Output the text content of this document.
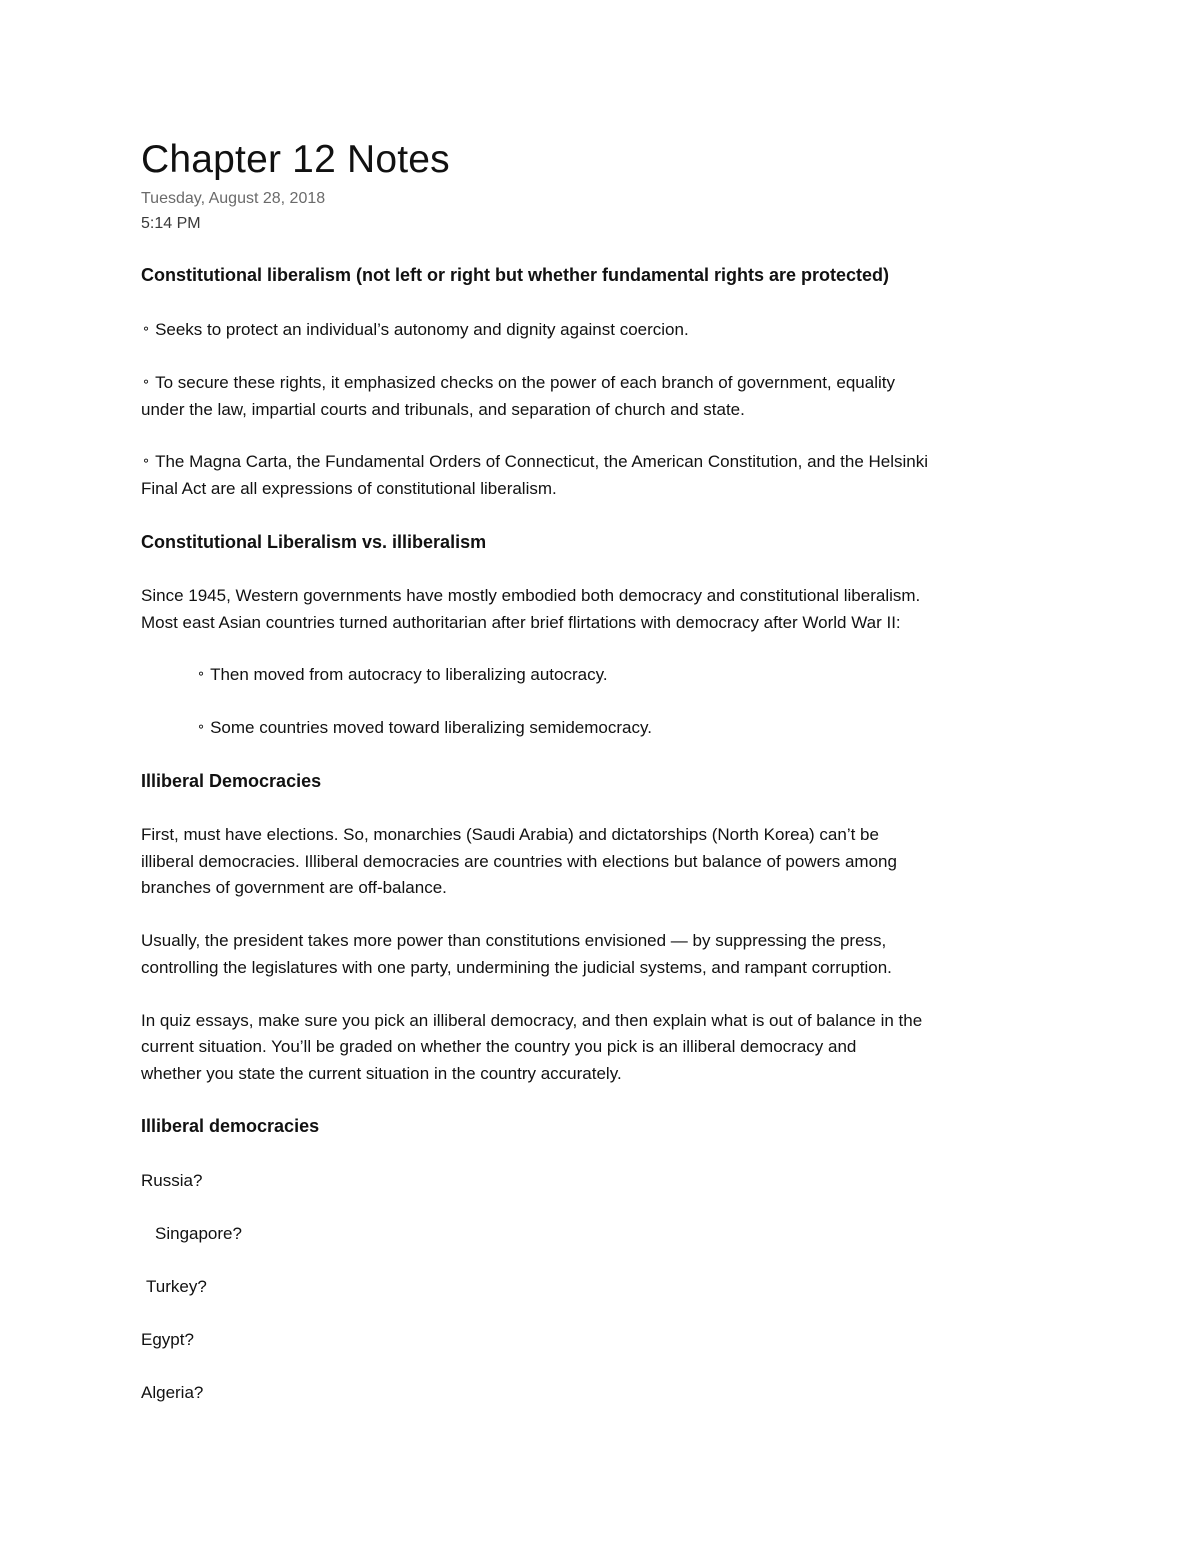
Chapter 12 Notes
Tuesday, August 28, 2018
5:14 PM
Constitutional liberalism (not left or right but whether fundamental rights are protected)
⚬ Seeks to protect an individual’s autonomy and dignity against coercion.
⚬ To secure these rights, it emphasized checks on the power of each branch of government, equality
under the law, impartial courts and tribunals, and separation of church and state.
⚬ The Magna Carta, the Fundamental Orders of Connecticut, the American Constitution, and the Helsinki
Final Act are all expressions of constitutional liberalism.
Constitutional Liberalism vs. illiberalism
Since 1945, Western governments have mostly embodied both democracy and constitutional liberalism.
Most east Asian countries turned authoritarian after brief flirtations with democracy after World War II:
⚬ Then moved from autocracy to liberalizing autocracy.
⚬ Some countries moved toward liberalizing semidemocracy.
Illiberal Democracies
First, must have elections. So, monarchies (Saudi Arabia) and dictatorships (North Korea) can’t be
illiberal democracies. Illiberal democracies are countries with elections but balance of powers among
branches of government are off-balance.
Usually, the president takes more power than constitutions envisioned — by suppressing the press,
controlling the legislatures with one party, undermining the judicial systems, and rampant corruption.
In quiz essays, make sure you pick an illiberal democracy, and then explain what is out of balance in the
current situation. You’ll be graded on whether the country you pick is an illiberal democracy and
whether you state the current situation in the country accurately.
Illiberal democracies
Russia?
Singapore?
Turkey?
Egypt?
Algeria?
